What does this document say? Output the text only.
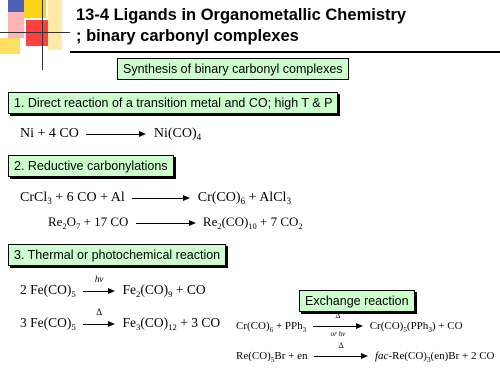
13-4 Ligands in Organometallic Chemistry
; binary carbonyl complexes
Synthesis of binary carbonyl complexes
1. Direct reaction of a transition metal and CO; high T & P
Ni + 4 CO	$Ni(CO)_4$
2. Reductive carbonylations
CrCl$_3$ + 6 CO + Al	$Cr(CO)_6$ + AlCl$_3$
$Re_2O_7 + 17$ CO	$Re_2(CO)_{10} + 7$ $CO_2$
3. Thermal or photochemical reaction
2 $Fe(CO)_5$
hν
$Fe_2(CO)_9$ + CO
3 $Fe(CO)_5$
Δ
$Fe_3(CO)_{12} + 3$ CO
Exchange reaction
$Cr(CO)_6 + PPh_3$
Δ
or hν
$Cr(CO)_5(PPh_3)$ + CO
$Re(CO)_5Br$ + en
Δ
fac-$Re(CO)_3(en)Br + 2$ CO
